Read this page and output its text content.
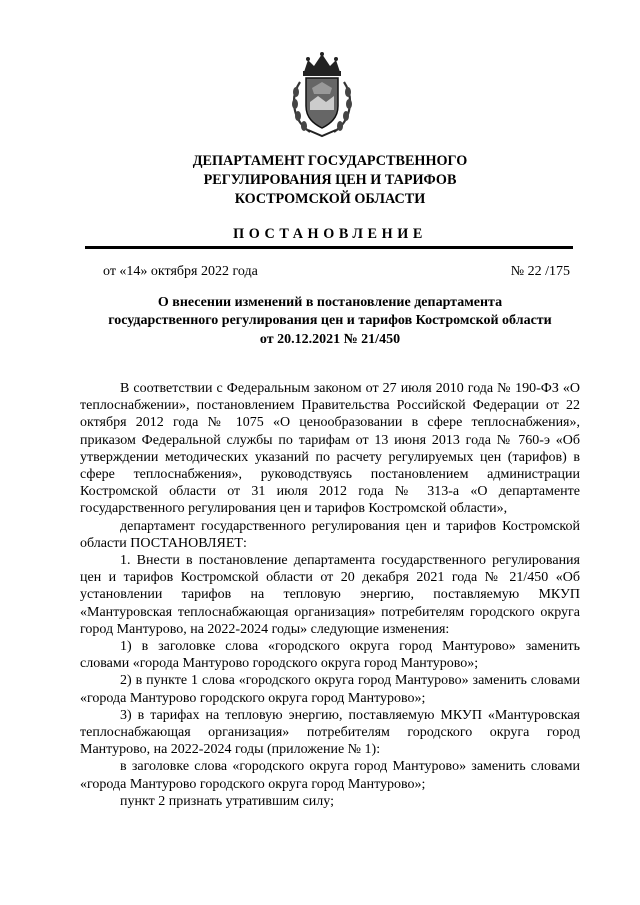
ДЕПАРТАМЕНТ ГОСУДАРСТВЕННОГО
РЕГУЛИРОВАНИЯ ЦЕН И ТАРИФОВ
КОСТРОМСКОЙ ОБЛАСТИ
ПОСТАНОВЛЕНИЕ
от «14» октября 2022 года	№ 22 /175
О внесении изменений в постановление департамента
государственного регулирования цен и тарифов Костромской области
от 20.12.2021 № 21/450

В соответствии с Федеральным законом от 27 июля 2010 года № 190-ФЗ «О теплоснабжении», постановлением Правительства Российской Федерации от 22 октября 2012 года № 1075 «О ценообразовании в сфере теплоснабжения», приказом Федеральной службы по тарифам от 13 июня 2013 года № 760-э «Об утверждении методических указаний по расчету регулируемых цен (тарифов) в сфере теплоснабжения», руководствуясь постановлением администрации Костромской области от 31 июля 2012 года № 313-а «О департаменте государственного регулирования цен и тарифов Костромской области»,

департамент государственного регулирования цен и тарифов Костромской области ПОСТАНОВЛЯЕТ:

1. Внести в постановление департамента государственного регулирования цен и тарифов Костромской области от 20 декабря 2021 года № 21/450 «Об установлении тарифов на тепловую энергию, поставляемую МКУП «Мантуровская теплоснабжающая организация» потребителям городского округа город Мантурово, на 2022-2024 годы» следующие изменения:

1) в заголовке слова «городского округа город Мантурово» заменить словами «города Мантурово городского округа город Мантурово»;

2) в пункте 1 слова «городского округа город Мантурово» заменить словами «города Мантурово городского округа город Мантурово»;

3) в тарифах на тепловую энергию, поставляемую МКУП «Мантуровская теплоснабжающая организация» потребителям городского округа город Мантурово, на 2022-2024 годы (приложение № 1):

в заголовке слова «городского округа город Мантурово» заменить словами «города Мантурово городского округа город Мантурово»;

пункт 2 признать утратившим силу;
